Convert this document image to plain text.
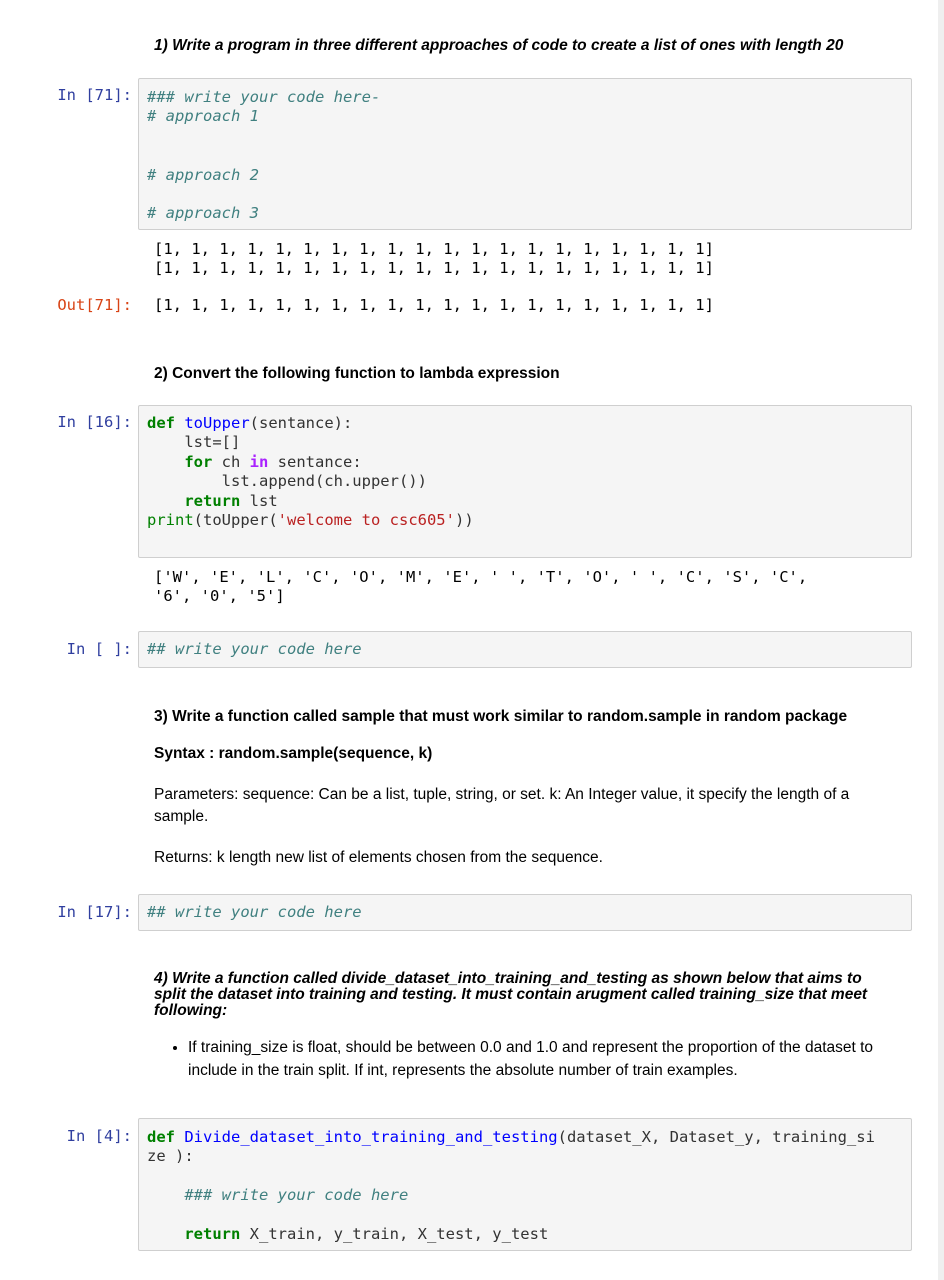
1) Write a program in three different approaches of code to create a list of ones with length 20
In [71]: ### write your code here-
# approach 1

# approach 2

# approach 3
[1, 1, 1, 1, 1, 1, 1, 1, 1, 1, 1, 1, 1, 1, 1, 1, 1, 1, 1, 1]
[1, 1, 1, 1, 1, 1, 1, 1, 1, 1, 1, 1, 1, 1, 1, 1, 1, 1, 1, 1]
Out[71]: [1, 1, 1, 1, 1, 1, 1, 1, 1, 1, 1, 1, 1, 1, 1, 1, 1, 1, 1, 1]
2) Convert the following function to lambda expression
In [16]: def toUpper(sentance):
lst=[]
for ch in sentance:
lst.append(ch.upper())
return lst
print(toUpper('welcome to csc605'))
['W', 'E', 'L', 'C', 'O', 'M', 'E', ' ', 'T', 'O', ' ', 'C', 'S', 'C',
'6', '0', '5']
In [ ]: ## write your code here
3) Write a function called sample that must work similar to random.sample in random package
Syntax : random.sample(sequence, k)
Parameters: sequence: Can be a list, tuple, string, or set. k: An Integer value, it specify the length of a sample.
Returns: k length new list of elements chosen from the sequence.
In [17]: ## write your code here
4) Write a function called divide_dataset_into_training_and_testing as shown below that aims to split the dataset into training and testing. It must contain arugment called training_size that meet following:
• If training_size is float, should be between 0.0 and 1.0 and represent the proportion of the dataset to include in the train split. If int, represents the absolute number of train examples.
In [4]: def Divide_dataset_into_training_and_testing(dataset_X, Dataset_y, training_si
ze ):

### write your code here

return X_train, y_train, X_test, y_test
